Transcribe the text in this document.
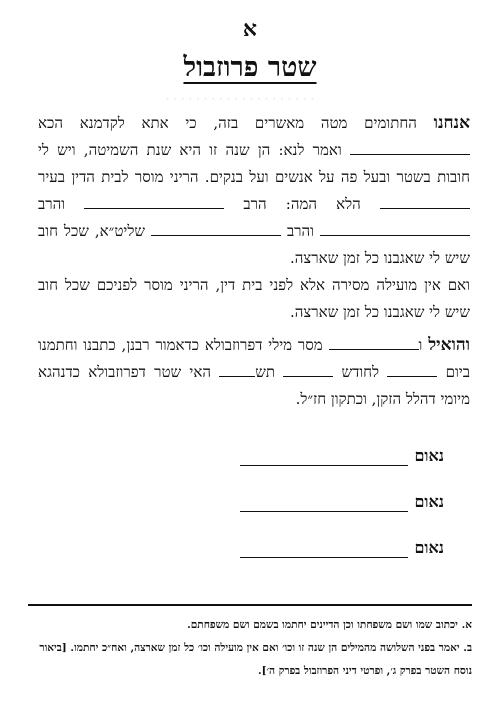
א
שטר פרוזבול
· · · · · · · · · · · · · · · · · · · ·

אנחנו החתומים מטה מאשרים בזה, כי אתא לקדמנא הכא  ואמר לנא: הן שנה זו היא שנת השמיטה, ויש לי חובות בשטר ובעל פה על אנשים ועל בנקים. הריני מוסר לבית הדין בעיר  הלא המה: הרב  והרב  והרב  שליט״א, שכל חוב שיש לי שאגבנו כל זמן שארצה.

ואם אין מועילה מסירה אלא לפני בית דין, הריני מוסר לפניכם שכל חוב שיש לי שאגבנו כל זמן שארצה.

והואיל ו מסר מילי דפרוזבולא כדאמור רבנן, כתבנו וחתמנו ביום  לחודש  תש האי שטר דפרוזבולא כדנהגא מיומי דהלל הזקן, וכתקון חז״ל.

נאום
נאום
נאום

א. יכתוב שמו ושם משפחתו וכן הדיינים יחתמו בשמם ושם משפחתם.

ב. יאמר בפני השלושה מהמילים הן שנה זו וכו׳ ואם אין מועילה וכו׳ כל זמן שארצה, ואח״כ יחתמו. [ביאור נוסח השטר בפרק ג׳, ופרטי דיני הפרוזבול בפרק ה׳].
